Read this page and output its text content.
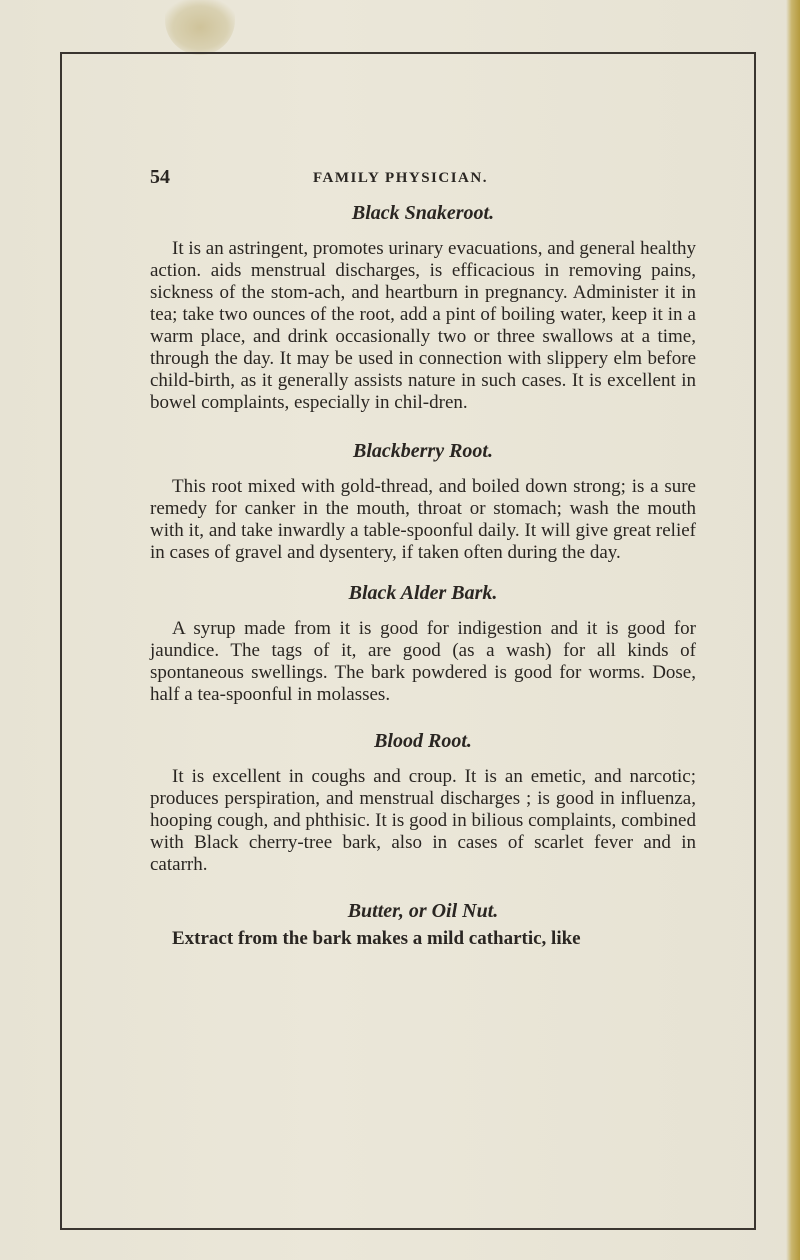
54	FAMILY PHYSICIAN.
Black Snakeroot.

It is an astringent, promotes urinary evacuations, and general healthy action. aids menstrual discharges, is efficacious in removing pains, sickness of the stom-ach, and heartburn in pregnancy. Administer it in tea; take two ounces of the root, add a pint of boiling water, keep it in a warm place, and drink occasionally two or three swallows at a time, through the day. It may be used in connection with slippery elm before child-birth, as it generally assists nature in such cases. It is excellent in bowel complaints, especially in chil-dren.

Blackberry Root.

This root mixed with gold-thread, and boiled down strong; is a sure remedy for canker in the mouth, throat or stomach; wash the mouth with it, and take inwardly a table-spoonful daily. It will give great relief in cases of gravel and dysentery, if taken often during the day.

Black Alder Bark.

A syrup made from it is good for indigestion and it is good for jaundice. The tags of it, are good (as a wash) for all kinds of spontaneous swellings. The bark powdered is good for worms. Dose, half a tea-spoonful in molasses.

Blood Root.

It is excellent in coughs and croup. It is an emetic, and narcotic; produces perspiration, and menstrual discharges ; is good in influenza, hooping cough, and phthisic. It is good in bilious complaints, combined with Black cherry-tree bark, also in cases of scarlet fever and in catarrh.

Butter, or Oil Nut.

Extract from the bark makes a mild cathartic, like
